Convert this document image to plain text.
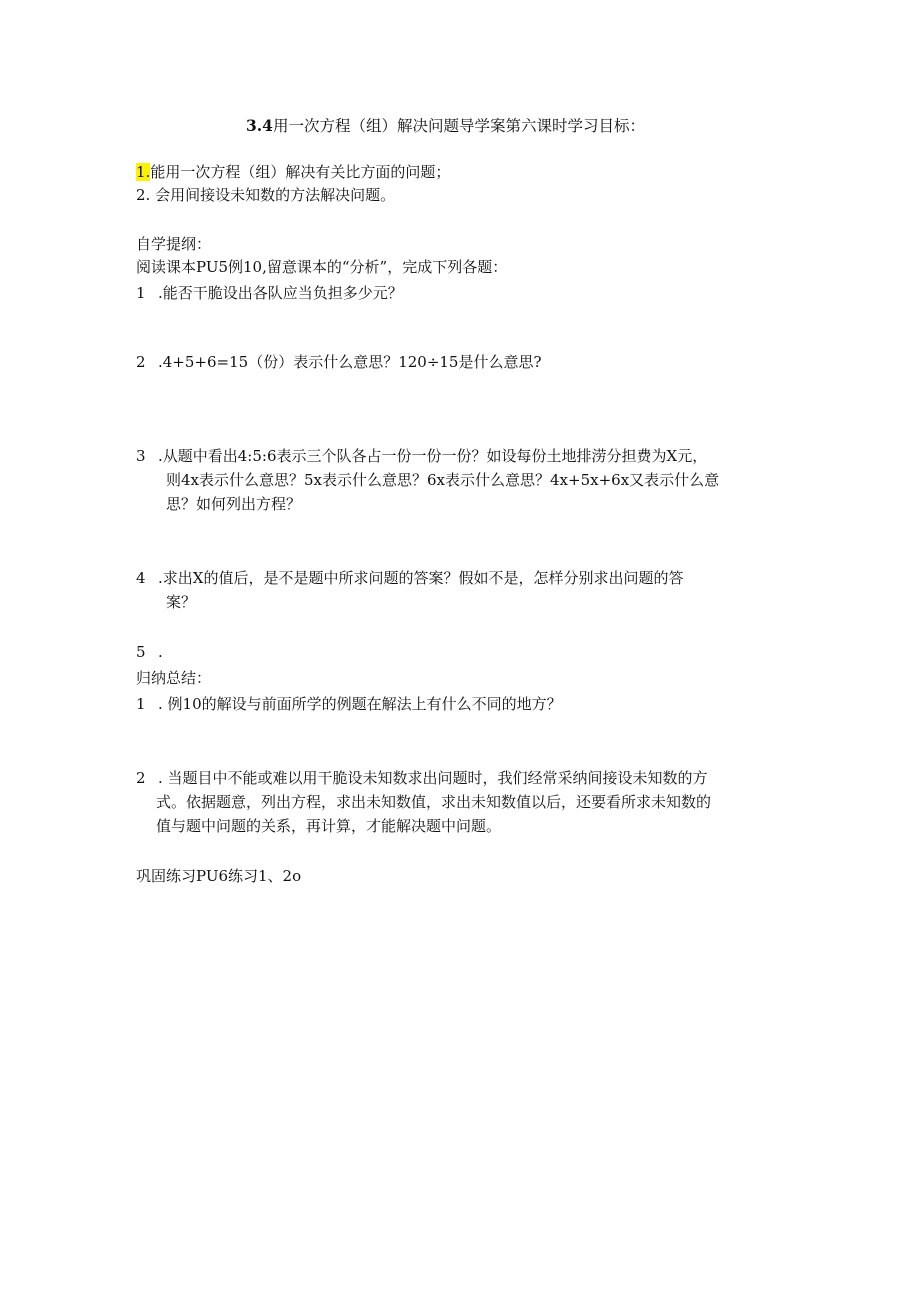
3.4用一次方程（组）解决问题导学案第六课时学习目标：
1.能用一次方程（组）解决有关比方面的问题；
2. 会用间接设未知数的方法解决问题。
自学提纲：
阅读课本PU5例10,留意课本的“分析”，完成下列各题：
1 .能否干脆设出各队应当负担多少元？
2 .4+5+6=15（份）表示什么意思？120÷15是什么意思?
3 .从题中看出4:5:6表示三个队各占一份一份一份？如设每份土地排涝分担费为X元，
则4x表示什么意思？5x表示什么意思？6x表示什么意思？4x+5x+6x又表示什么意
思？如何列出方程？
4 .求出X的值后，是不是题中所求问题的答案？假如不是，怎样分别求出问题的答
案？
5 .
归纳总结：
1 . 例10的解设与前面所学的例题在解法上有什么不同的地方？
2 . 当题目中不能或难以用干脆设未知数求出问题时，我们经常采纳间接设未知数的方
式。依据题意，列出方程，求出未知数值，求出未知数值以后，还要看所求未知数的
值与题中问题的关系，再计算，才能解决题中问题。
巩固练习PU6练习1、2o
